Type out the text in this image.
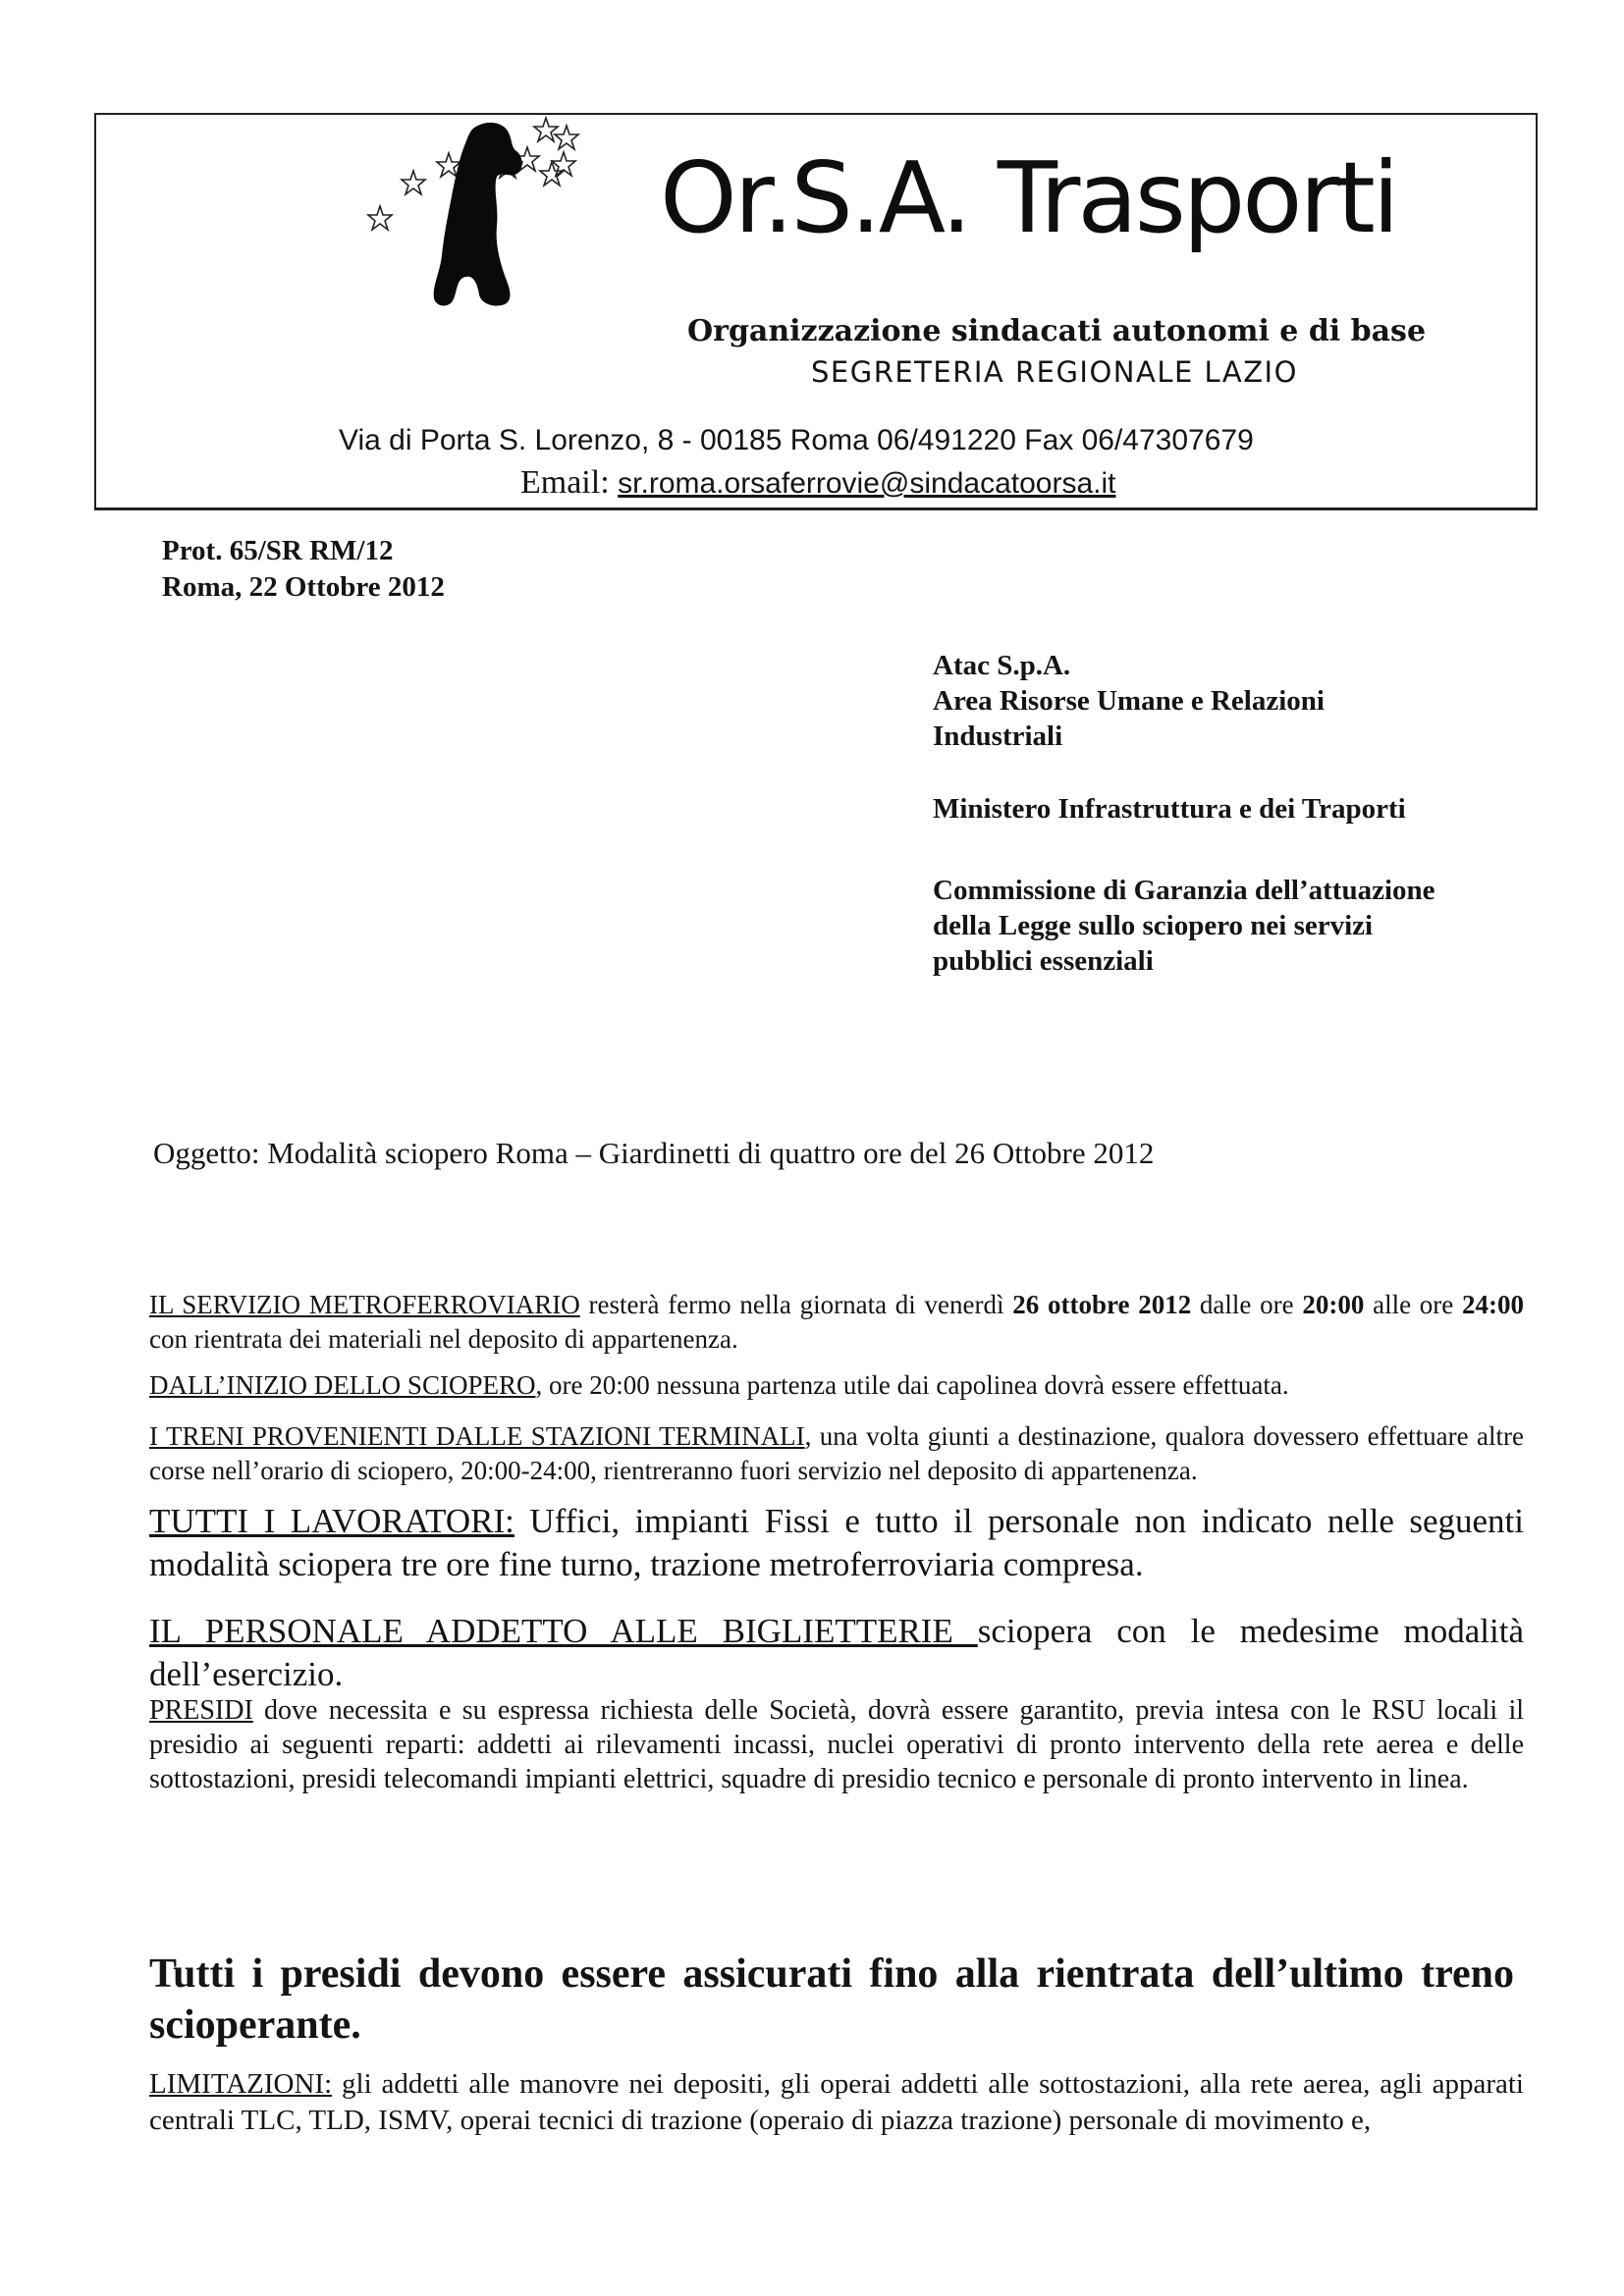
Or.S.A. Trasporti
Organizzazione sindacati autonomi e di base
SEGRETERIA REGIONALE LAZIO
Via di Porta S. Lorenzo, 8 - 00185 Roma 06/491220 Fax 06/47307679
Email: sr.roma.orsaferrovie@sindacatoorsa.it
Prot. 65/SR RM/12
Roma, 22 Ottobre 2012
Atac S.p.A.
Area Risorse Umane e Relazioni
Industriali
Ministero Infrastruttura e dei Traporti
Commissione di Garanzia dell’attuazione
della Legge sullo sciopero nei servizi
pubblici essenziali
Oggetto: Modalità sciopero Roma – Giardinetti di quattro ore del 26 Ottobre 2012
IL SERVIZIO METROFERROVIARIO resterà fermo nella giornata di venerdì 26 ottobre 2012 dalle ore 20:00 alle ore 24:00 con rientrata dei materiali nel deposito di appartenenza.
DALL’INIZIO DELLO SCIOPERO, ore 20:00 nessuna partenza utile dai capolinea dovrà essere effettuata.
I TRENI PROVENIENTI DALLE STAZIONI TERMINALI, una volta giunti a destinazione, qualora dovessero effettuare altre corse nell’orario di sciopero, 20:00-24:00, rientreranno fuori servizio nel deposito di appartenenza.
TUTTI I LAVORATORI: Uffici, impianti Fissi e tutto il personale non indicato nelle seguenti modalità sciopera tre ore fine turno, trazione metroferroviaria compresa.
IL PERSONALE ADDETTO ALLE BIGLIETTERIE sciopera con le medesime modalità dell’esercizio.
PRESIDI dove necessita e su espressa richiesta delle Società, dovrà essere garantito, previa intesa con le RSU locali il presidio ai seguenti reparti: addetti ai rilevamenti incassi, nuclei operativi di pronto intervento della rete aerea e delle sottostazioni, presidi telecomandi impianti elettrici, squadre di presidio tecnico e personale di pronto intervento in linea.
Tutti i presidi devono essere assicurati fino alla rientrata dell’ultimo treno scioperante.
LIMITAZIONI: gli addetti alle manovre nei depositi, gli operai addetti alle sottostazioni, alla rete aerea, agli apparati centrali TLC, TLD, ISMV, operai tecnici di trazione (operaio di piazza trazione) personale di movimento e,
